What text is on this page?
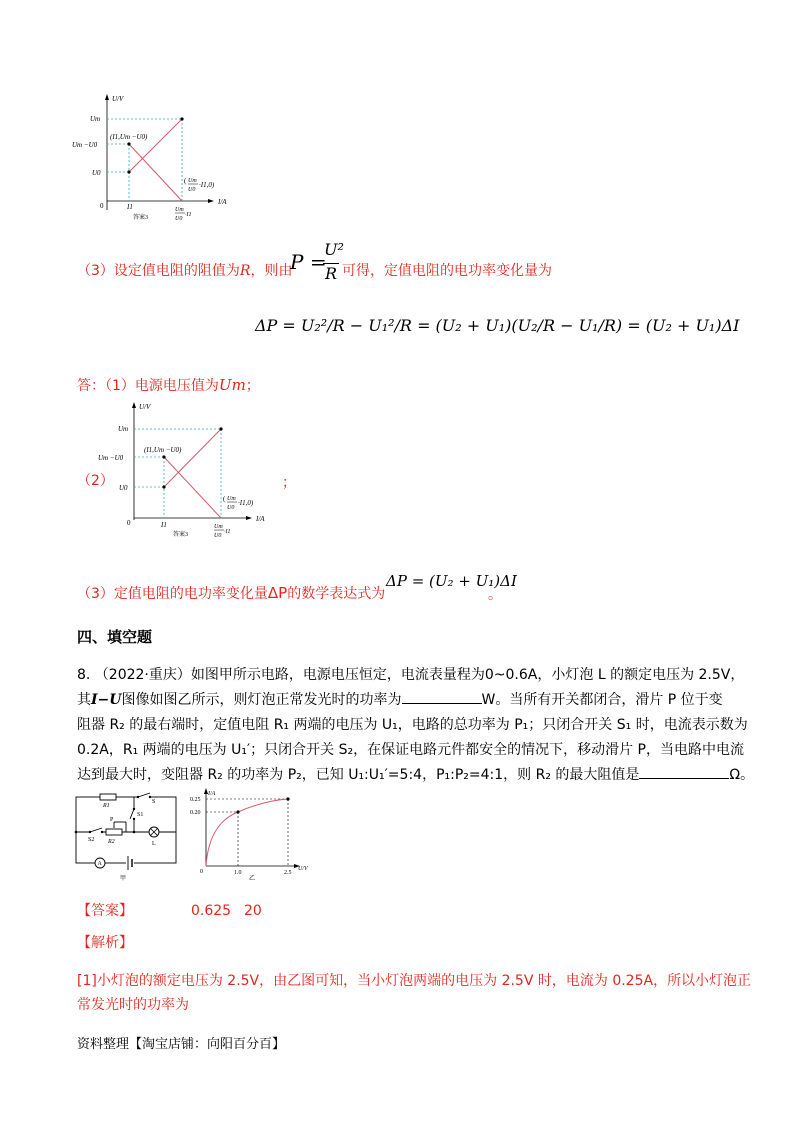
U/V
I/A
Um
Um −U0
U0
0	I1
(I1,Um −U0)
( Um
U0
·I1,0)
Um
U0
·I1
答案3
（3）设定值电阻的阻值为R，则由
P =
U²
R 可得，定值电阻的电功率变化量为
ΔP = U₂²/R − U₁²/R = (U₂ + U₁)(U₂/R − U₁/R) = (U₂ + U₁)ΔI
答：（1）电源电压值为Um；
U/V
I/A
Um
Um −U0
U0
0	I1
(I1,Um −U0)
( Um
U0
·I1,0)
Um
U0
·I1
答案3
（2）	；
（3）定值电阻的电功率变化量ΔP的数学表达式为
ΔP = (U₂ + U₁)ΔI
。
四、填空题
8. （2022·重庆）如图甲所示电路，电源电压恒定，电流表量程为0~0.6A，小灯泡 L 的额定电压为 2.5V，
其I−U图像如图乙所示，则灯泡正常发光时的功率为	W。当所有开关都闭合，滑片 P 位于变
阻器 R₂ 的最右端时，定值电阻 R₁ 两端的电压为 U₁，电路的总功率为 P₁；只闭合开关 S₁ 时，电流表示数为
0.2A，R₁ 两端的电压为 U₁′；只闭合开关 S₂，在保证电路元件都安全的情况下，移动滑片 P，当电路中电流
达到最大时，变阻器 R₂ 的功率为 P₂，已知 U₁:U₁′=5:4，P₁:P₂=4:1，则 R₂ 的最大阻值是	Ω。
R1
S
S1
S2
P
R2	L
A
甲
I/A
U/V
0.25
0.20
0	1.0	2.5
乙
【答案】	0.625 20
【解析】
[1]小灯泡的额定电压为 2.5V，由乙图可知，当小灯泡两端的电压为 2.5V 时，电流为 0.25A，所以小灯泡正
常发光时的功率为
资料整理【淘宝店铺：向阳百分百】
